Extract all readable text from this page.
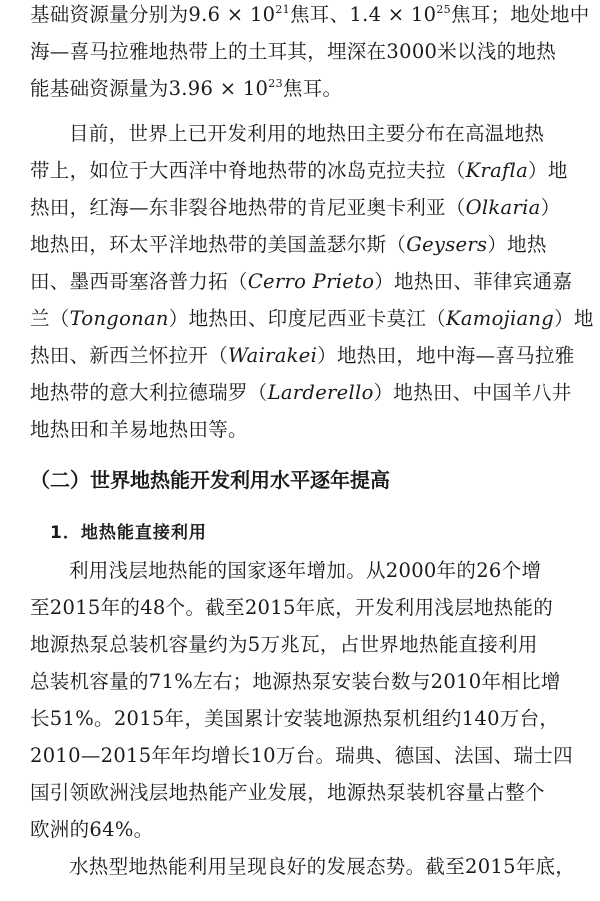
基础资源量分别为$9.6 \times 10^{21}$焦耳、$1.4 \times 10^{25}$焦耳；地处地中
海—喜马拉雅地热带上的土耳其，埋深在3000米以浅的地热
能基础资源量为$3.96 \times 10^{23}$焦耳。
目前，世界上已开发利用的地热田主要分布在高温地热
带上，如位于大西洋中脊地热带的冰岛克拉夫拉（Krafla）地
热田，红海—东非裂谷地热带的肯尼亚奥卡利亚（Olkaria）
地热田，环太平洋地热带的美国盖瑟尔斯（Geysers）地热
田、墨西哥塞洛普力拓（Cerro Prieto）地热田、菲律宾通嘉
兰（Tongonan）地热田、印度尼西亚卡莫江（Kamojiang）地
热田、新西兰怀拉开（Wairakei）地热田，地中海—喜马拉雅
地热带的意大利拉德瑞罗（Larderello）地热田、中国羊八井
地热田和羊易地热田等。
（二）世界地热能开发利用水平逐年提高
1．地热能直接利用
利用浅层地热能的国家逐年增加。从2000年的26个增
至2015年的48个。截至2015年底，开发利用浅层地热能的
地源热泵总装机容量约为5万兆瓦，占世界地热能直接利用
总装机容量的71%左右；地源热泵安装台数与2010年相比增
长51%。2015年，美国累计安装地源热泵机组约140万台，
2010—2015年年均增长10万台。瑞典、德国、法国、瑞士四
国引领欧洲浅层地热能产业发展，地源热泵装机容量占整个
欧洲的64%。
水热型地热能利用呈现良好的发展态势。截至2015年底，
